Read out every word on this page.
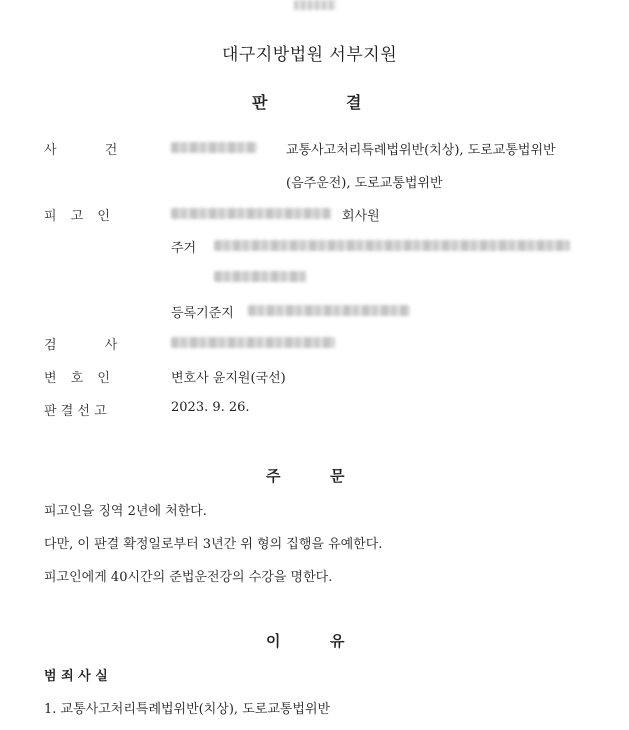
대구지방법원 서부지원
판	결
사 건	교통사고처리특례법위반(치상), 도로교통법위반
(음주운전), 도로교통법위반
피 고 인	회사원
주거
등록기준지
검 사
변 호 인	변호사 윤지원(국선)
판 결 선 고	2023. 9. 26.
주	문
피고인을 징역 2년에 처한다.
다만, 이 판결 확정일로부터 3년간 위 형의 집행을 유예한다.
피고인에게 40시간의 준법운전강의 수강을 명한다.
이	유
범 죄 사 실
1. 교통사고처리특례법위반(치상), 도로교통법위반
